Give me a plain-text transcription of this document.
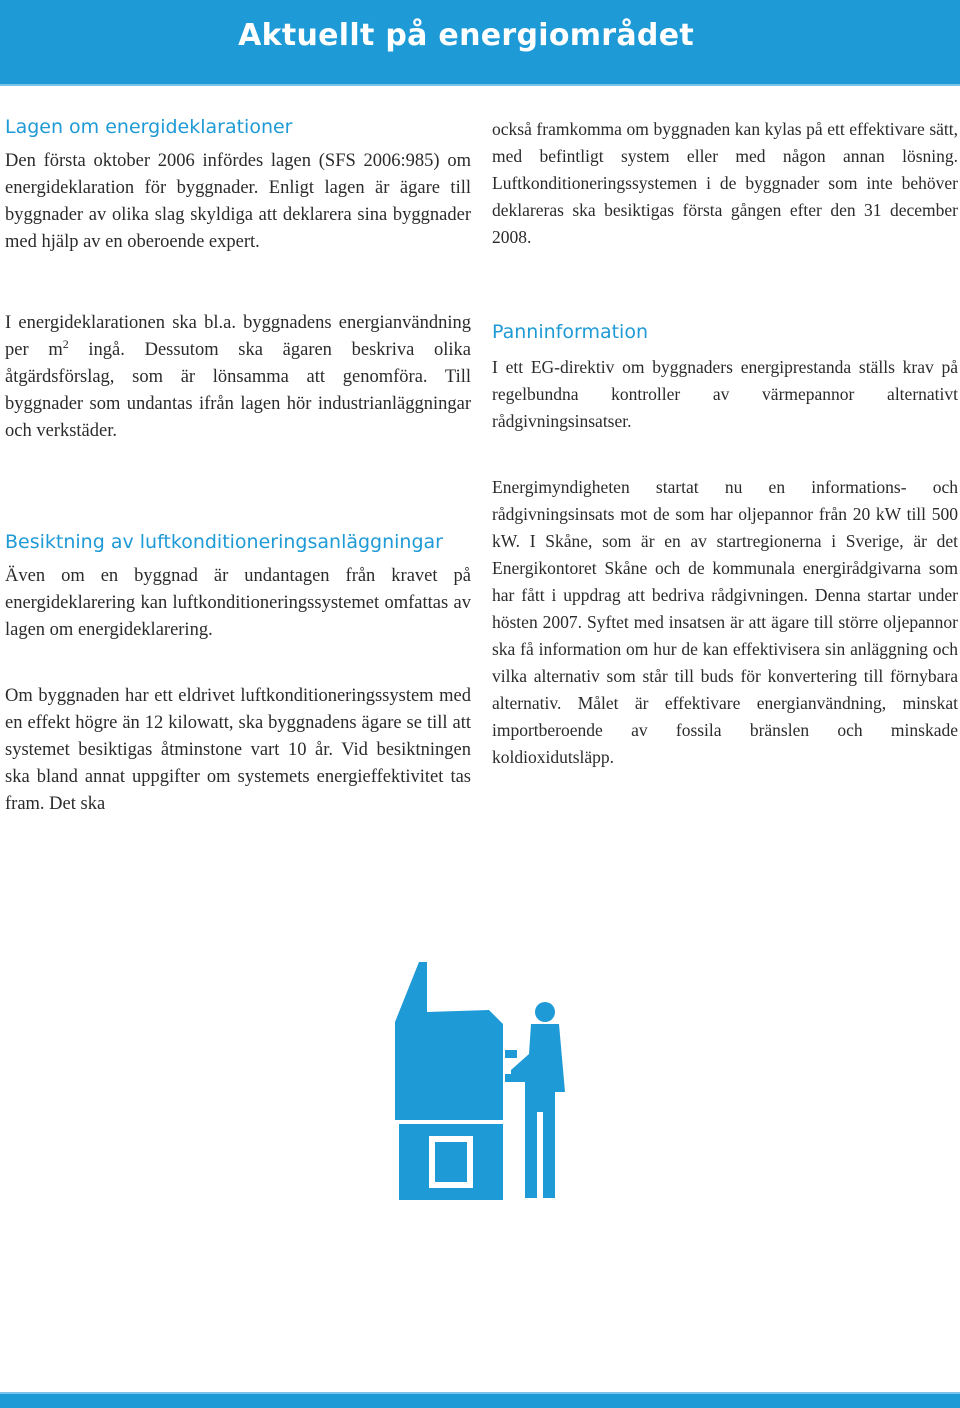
Aktuellt på energiområdet
Lagen om energideklarationer

Den första oktober 2006 infördes lagen (SFS 2006:985) om energideklaration för byggnader. Enligt lagen är ägare till byggnader av olika slag skyldiga att deklarera sina byggnader med hjälp av en oberoende expert.

I energideklarationen ska bl.a. byggnadens energianvändning per $m^2$ ingå. Dessutom ska ägaren beskriva olika åtgärdsförslag, som är lönsamma att genomföra. Till byggnader som undantas ifrån lagen hör industrianläggningar och verkstäder.

Besiktning av luftkonditioneringsanläggningar

Även om en byggnad är undantagen från kravet på energideklarering kan luftkonditioneringssystemet omfattas av lagen om energideklarering.

Om byggnaden har ett eldrivet luftkonditioneringssystem med en effekt högre än 12 kilowatt, ska byggnadens ägare se till att systemet besiktigas åtminstone vart 10 år. Vid besiktningen ska bland annat uppgifter om systemets energieffektivitet tas fram. Det ska

också framkomma om byggnaden kan kylas på ett effektivare sätt, med befintligt system eller med någon annan lösning. Luftkonditioneringssystemen i de byggnader som inte behöver deklareras ska besiktigas första gången efter den 31 december 2008.

Panninformation

I ett EG-direktiv om byggnaders energiprestanda ställs krav på regelbundna kontroller av värmepannor alternativt rådgivningsinsatser.

Energimyndigheten startat nu en informations- och rådgivningsinsats mot de som har oljepannor från 20 kW till 500 kW. I Skåne, som är en av startregionerna i Sverige, är det Energikontoret Skåne och de kommunala energirådgivarna som har fått i uppdrag att bedriva rådgivningen. Denna startar under hösten 2007. Syftet med insatsen är att ägare till större oljepannor ska få information om hur de kan effektivisera sin anläggning och vilka alternativ som står till buds för konvertering till förnybara alternativ. Målet är effektivare energianvändning, minskat importberoende av fossila bränslen och minskade koldioxidutsläpp.
